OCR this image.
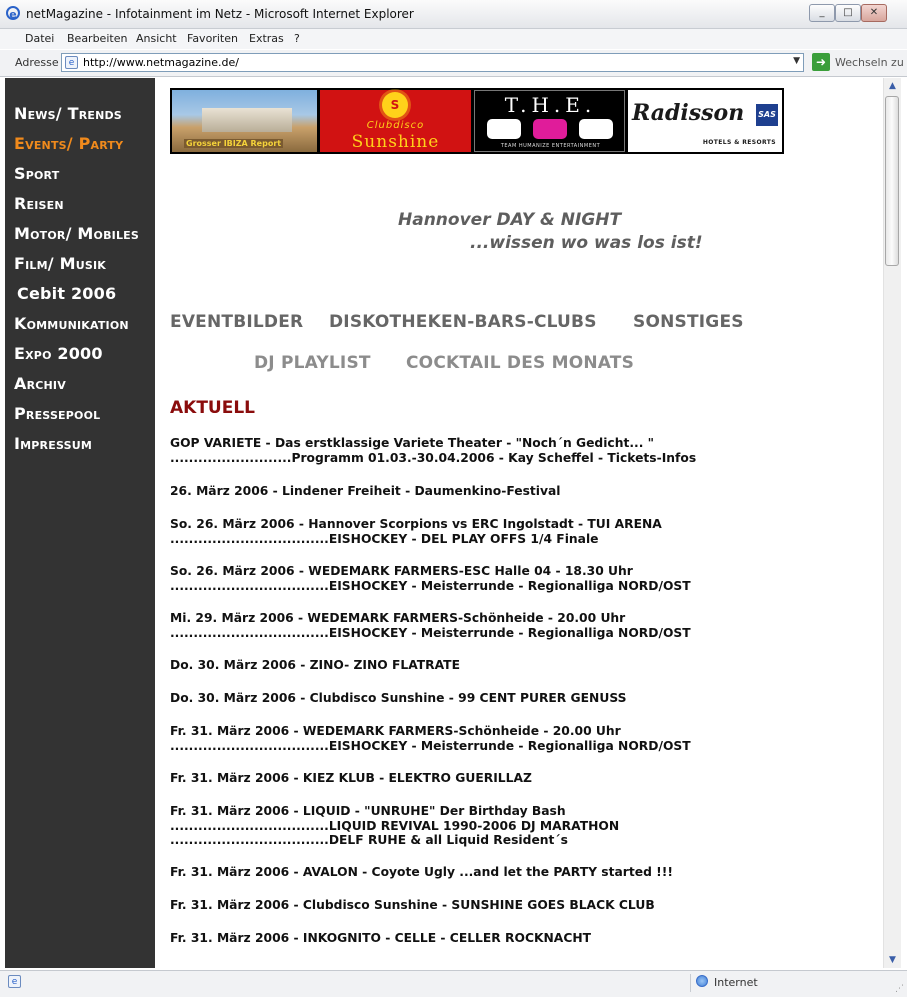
e netMagazine - Infotainment im Netz - Microsoft Internet Explorer	_	□	✕
Datei Bearbeiten Ansicht Favoriten Extras ?
Adresse	e http://www.netmagazine.de/	▼	➜ Wechseln zu
News/ Trends
Events/ Party
Sport
Reisen
Motor/ Mobiles
Film/ Musik
Cebit 2006
Kommunikation
Expo 2000
Archiv
Pressepool
Impressum
Grosser IBIZA Report
S
Clubdisco
Sunshine
T.H.E.
TEAM HUMANIZE ENTERTAINMENT
Radisson SAS
HOTELS & RESORTS
Hannover DAY & NIGHT
...wissen wo was los ist!
EVENTBILDER DISKOTHEKEN-BARS-CLUBS SONSTIGES
DJ PLAYLIST COCKTAIL DES MONATS
AKTUELL
GOP VARIETE - Das erstklassige Variete Theater - "Noch´n Gedicht... "
..........................Programm 01.03.-30.04.2006 - Kay Scheffel - Tickets-Infos
26. März 2006 - Lindener Freiheit - Daumenkino-Festival
So. 26. März 2006 - Hannover Scorpions vs ERC Ingolstadt - TUI ARENA
..................................EISHOCKEY - DEL PLAY OFFS 1/4 Finale
So. 26. März 2006 - WEDEMARK FARMERS-ESC Halle 04 - 18.30 Uhr
..................................EISHOCKEY - Meisterrunde - Regionalliga NORD/OST
Mi. 29. März 2006 - WEDEMARK FARMERS-Schönheide - 20.00 Uhr
..................................EISHOCKEY - Meisterrunde - Regionalliga NORD/OST
Do. 30. März 2006 - ZINO- ZINO FLATRATE
Do. 30. März 2006 - Clubdisco Sunshine - 99 CENT PURER GENUSS
Fr. 31. März 2006 - WEDEMARK FARMERS-Schönheide - 20.00 Uhr
..................................EISHOCKEY - Meisterrunde - Regionalliga NORD/OST
Fr. 31. März 2006 - KIEZ KLUB - ELEKTRO GUERILLAZ
Fr. 31. März 2006 - LIQUID - "UNRUHE" Der Birthday Bash
..................................LIQUID REVIVAL 1990-2006 DJ MARATHON
..................................DELF RUHE & all Liquid Resident´s
Fr. 31. März 2006 - AVALON - Coyote Ugly ...and let the PARTY started !!!
Fr. 31. März 2006 - Clubdisco Sunshine - SUNSHINE GOES BLACK CLUB
Fr. 31. März 2006 - INKOGNITO - CELLE - CELLER ROCKNACHT
▲
▼
e	Internet	⋰
